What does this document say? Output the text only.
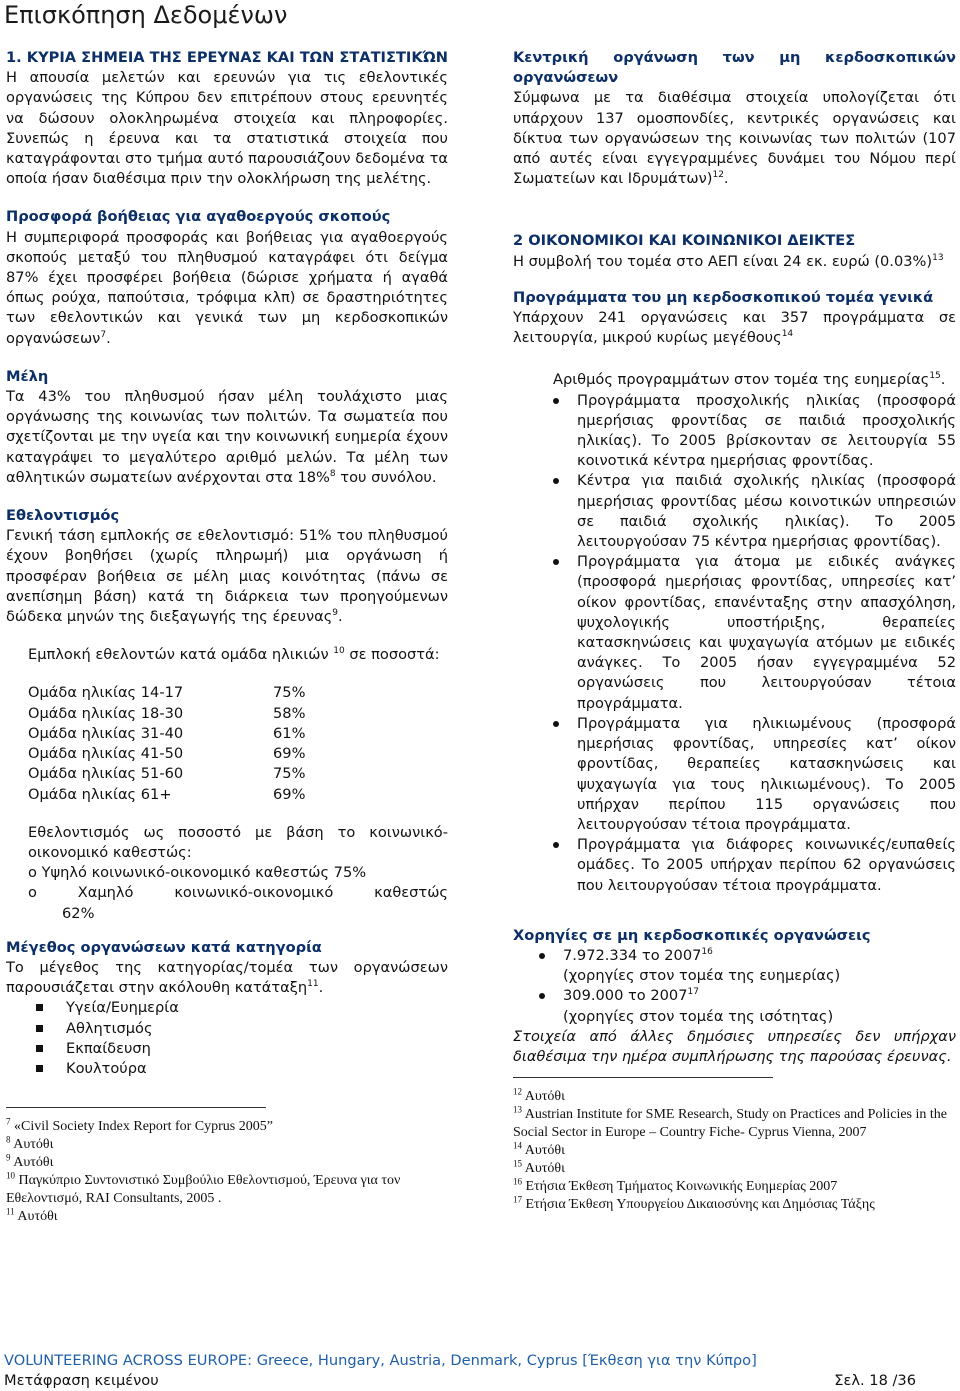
Επισκόπηση Δεδομένων

1. ΚΥΡΙΑ ΣΗΜΕΙΑ ΤΗΣ ΕΡΕΥΝΑΣ ΚΑΙ ΤΩΝ ΣΤΑΤΙΣΤΙΚΏΝ

Η απουσία μελετών και ερευνών για τις εθελοντικές οργανώσεις της Κύπρου δεν επιτρέπουν στους ερευνητές να δώσουν ολοκληρωμένα στοιχεία και πληροφορίες. Συνεπώς η έρευνα και τα στατιστικά στοιχεία που καταγράφονται στο τμήμα αυτό παρουσιάζουν δεδομένα τα οποία ήσαν διαθέσιμα πριν την ολοκλήρωση της μελέτης.

Προσφορά βοήθειας για αγαθοεργούς σκοπούς

Η συμπεριφορά προσφοράς και βοήθειας για αγαθοεργούς σκοπούς μεταξύ του πληθυσμού καταγράφει ότι δείγμα 87% έχει προσφέρει βοήθεια (δώρισε χρήματα ή αγαθά όπως ρούχα, παπούτσια, τρόφιμα κλπ) σε δραστηριότητες των εθελοντικών και γενικά των μη κερδοσκοπικών οργανώσεων$^7$.

Μέλη

Τα 43% του πληθυσμού ήσαν μέλη τουλάχιστο μιας οργάνωσης της κοινωνίας των πολιτών. Τα σωματεία που σχετίζονται με την υγεία και την κοινωνική ευημερία έχουν καταγράψει το μεγαλύτερο αριθμό μελών. Τα μέλη των αθλητικών σωματείων ανέρχονται στα 18%$^8$ του συνόλου.

Εθελοντισμός

Γενική τάση εμπλοκής σε εθελοντισμό: 51% του πληθυσμού έχουν βοηθήσει (χωρίς πληρωμή) μια οργάνωση ή προσφέραν βοήθεια σε μέλη μιας κοινότητας (πάνω σε ανεπίσημη βάση) κατά τη διάρκεια των προηγούμενων δώδεκα μηνών της διεξαγωγής της έρευνας$^9$.

Εμπλοκή εθελοντών κατά ομάδα ηλικιών $^{10}$ σε ποσοστά:

Ομάδα ηλικίας 14-17	75%
Ομάδα ηλικίας 18-30	58%
Ομάδα ηλικίας 31-40	61%
Ομάδα ηλικίας 41-50	69%
Ομάδα ηλικίας 51-60	75%
Ομάδα ηλικίας 61+	69%

Εθελοντισμός ως ποσοστό με βάση το κοινωνικό-οικονομικό καθεστώς:

o Υψηλό κοινωνικό-οικονομικό καθεστώς 75%

o Χαμηλό κοινωνικό-οικονομικό καθεστώς

62%

Μέγεθος οργανώσεων κατά κατηγορία

Το μέγεθος της κατηγορίας/τομέα των οργανώσεων παρουσιάζεται στην ακόλουθη κατάταξη$^{11}$.

Υγεία/Ευημερία
Αθλητισμός
Εκπαίδευση
Κουλτούρα
$^7$ «Civil Society Index Report for Cyprus 2005”
$^8$ Αυτόθι
$^9$ Αυτόθι
$^{10}$ Παγκύπριο Συντονιστικό Συμβούλιο Εθελοντισμού, Έρευνα για τον Εθελοντισμό, RAI Consultants, 2005 .
$^{11}$ Αυτόθι

Κεντρική οργάνωση των μη κερδοσκοπικών οργανώσεων

Σύμφωνα με τα διαθέσιμα στοιχεία υπολογίζεται ότι υπάρχουν 137 ομοσπονδίες, κεντρικές οργανώσεις και δίκτυα των οργανώσεων της κοινωνίας των πολιτών (107 από αυτές είναι εγγεγραμμένες δυνάμει του Νόμου περί Σωματείων και Ιδρυμάτων)$^{12}$.

2 ΟΙΚΟΝΟΜΙΚΟΙ ΚΑΙ ΚΟΙΝΩΝΙΚΟΙ ΔΕΙΚΤΕΣ

Η συμβολή του τομέα στο ΑΕΠ είναι 24 εκ. ευρώ $(0.03\%)^{13}$

Προγράμματα του μη κερδοσκοπικού τομέα γενικά

Υπάρχουν 241 οργανώσεις και 357 προγράμματα σε λειτουργία, μικρού κυρίως μεγέθους$^{14}$

Αριθμός προγραμμάτων στον τομέα της ευημερίας$^{15}$.

Προγράμματα προσχολικής ηλικίας (προσφορά ημερήσιας φροντίδας σε παιδιά προσχολικής ηλικίας). Το 2005 βρίσκονταν σε λειτουργία 55 κοινοτικά κέντρα ημερήσιας φροντίδας.
Κέντρα για παιδιά σχολικής ηλικίας (προσφορά ημερήσιας φροντίδας μέσω κοινοτικών υπηρεσιών σε παιδιά σχολικής ηλικίας). Το 2005 λειτουργούσαν 75 κέντρα ημερήσιας φροντίδας).
Προγράμματα για άτομα με ειδικές ανάγκες (προσφορά ημερήσιας φροντίδας, υπηρεσίες κατ’ οίκον φροντίδας, επανένταξης στην απασχόληση, ψυχολογικής υποστήριξης, θεραπείες κατασκηνώσεις και ψυχαγωγία ατόμων με ειδικές ανάγκες. Το 2005 ήσαν εγγεγραμμένα 52 οργανώσεις που λειτουργούσαν τέτοια προγράμματα.
Προγράμματα για ηλικιωμένους (προσφορά ημερήσιας φροντίδας, υπηρεσίες κατ’ οίκον φροντίδας, θεραπείες κατασκηνώσεις και ψυχαγωγία για τους ηλικιωμένους). Το 2005 υπήρχαν περίπου 115 οργανώσεις που λειτουργούσαν τέτοια προγράμματα.
Προγράμματα για διάφορες κοινωνικές/ευπαθείς ομάδες. Το 2005 υπήρχαν περίπου 62 οργανώσεις που λειτουργούσαν τέτοια προγράμματα.

Χορηγίες σε μη κερδοσκοπικές οργανώσεις

7.972.334 το 2007$^{16}$
(χορηγίες στον τομέα της ευημερίας)
309.000 το 2007$^{17}$
(χορηγίες στον τομέα της ισότητας)

Στοιχεία από άλλες δημόσιες υπηρεσίες δεν υπήρχαν διαθέσιμα την ημέρα συμπλήρωσης της παρούσας έρευνας.

$^{12}$ Αυτόθι
$^{13}$ Austrian Institute for SME Research, Study on Practices and Policies in the Social Sector in Europe – Country Fiche- Cyprus Vienna, 2007
$^{14}$ Αυτόθι
$^{15}$ Αυτόθι
$^{16}$ Ετήσια Έκθεση Τμήματος Κοινωνικής Ευημερίας 2007
$^{17}$ Ετήσια Έκθεση Υπουργείου Δικαιοσύνης και Δημόσιας Τάξης
VOLUNTEERING ACROSS EUROPE: Greece, Hungary, Austria, Denmark, Cyprus [Έκθεση για την Κύπρο]
Μετάφραση κειμένου	Σελ. 18 /36
